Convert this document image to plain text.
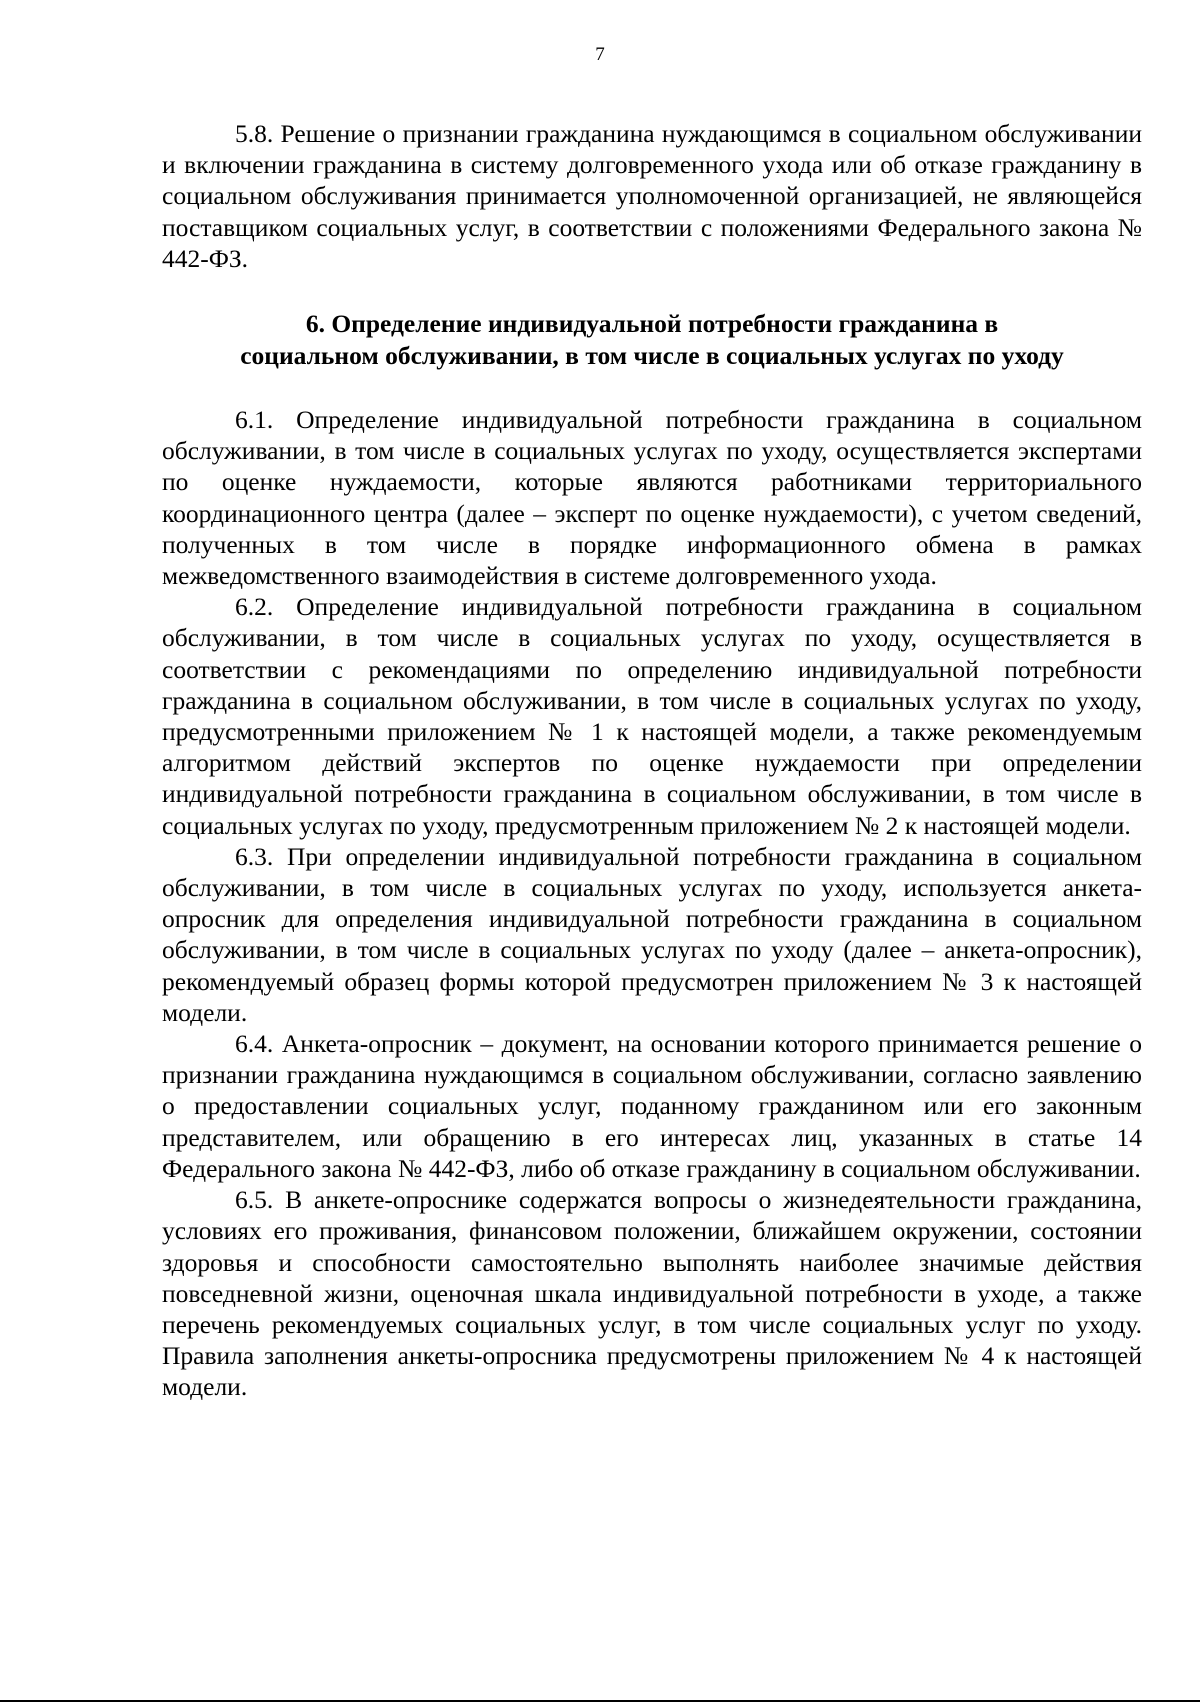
7

5.8. Решение о признании гражданина нуждающимся в социальном обслуживании и включении гражданина в систему долговременного ухода или об отказе гражданину в социальном обслуживания принимается уполномоченной организацией, не являющейся поставщиком социальных услуг, в соответствии с положениями Федерального закона № 442-ФЗ.

6. Определение индивидуальной потребности гражданина в
социальном обслуживании, в том числе в социальных услугах по уходу

6.1. Определение индивидуальной потребности гражданина в социальном обслуживании, в том числе в социальных услугах по уходу, осуществляется экспертами по оценке нуждаемости, которые являются работниками территориального координационного центра (далее – эксперт по оценке нуждаемости), с учетом сведений, полученных в том числе в порядке информационного обмена в рамках межведомственного взаимодействия в системе долговременного ухода.

6.2. Определение индивидуальной потребности гражданина в социальном обслуживании, в том числе в социальных услугах по уходу, осуществляется в соответствии с рекомендациями по определению индивидуальной потребности гражданина в социальном обслуживании, в том числе в социальных услугах по уходу, предусмотренными приложением № 1 к настоящей модели, а также рекомендуемым алгоритмом действий экспертов по оценке нуждаемости при определении индивидуальной потребности гражданина в социальном обслуживании, в том числе в социальных услугах по уходу, предусмотренным приложением № 2 к настоящей модели.

6.3. При определении индивидуальной потребности гражданина в социальном обслуживании, в том числе в социальных услугах по уходу, используется анкета-опросник для определения индивидуальной потребности гражданина в социальном обслуживании, в том числе в социальных услугах по уходу (далее – анкета-опросник), рекомендуемый образец формы которой предусмотрен приложением № 3 к настоящей модели.

6.4. Анкета-опросник – документ, на основании которого принимается решение о признании гражданина нуждающимся в социальном обслуживании, согласно заявлению о предоставлении социальных услуг, поданному гражданином или его законным представителем, или обращению в его интересах лиц, указанных в статье 14 Федерального закона № 442-ФЗ, либо об отказе гражданину в социальном обслуживании.

6.5. В анкете-опроснике содержатся вопросы о жизнедеятельности гражданина, условиях его проживания, финансовом положении, ближайшем окружении, состоянии здоровья и способности самостоятельно выполнять наиболее значимые действия повседневной жизни, оценочная шкала индивидуальной потребности в уходе, а также перечень рекомендуемых социальных услуг, в том числе социальных услуг по уходу. Правила заполнения анкеты-опросника предусмотрены приложением № 4 к настоящей модели.
